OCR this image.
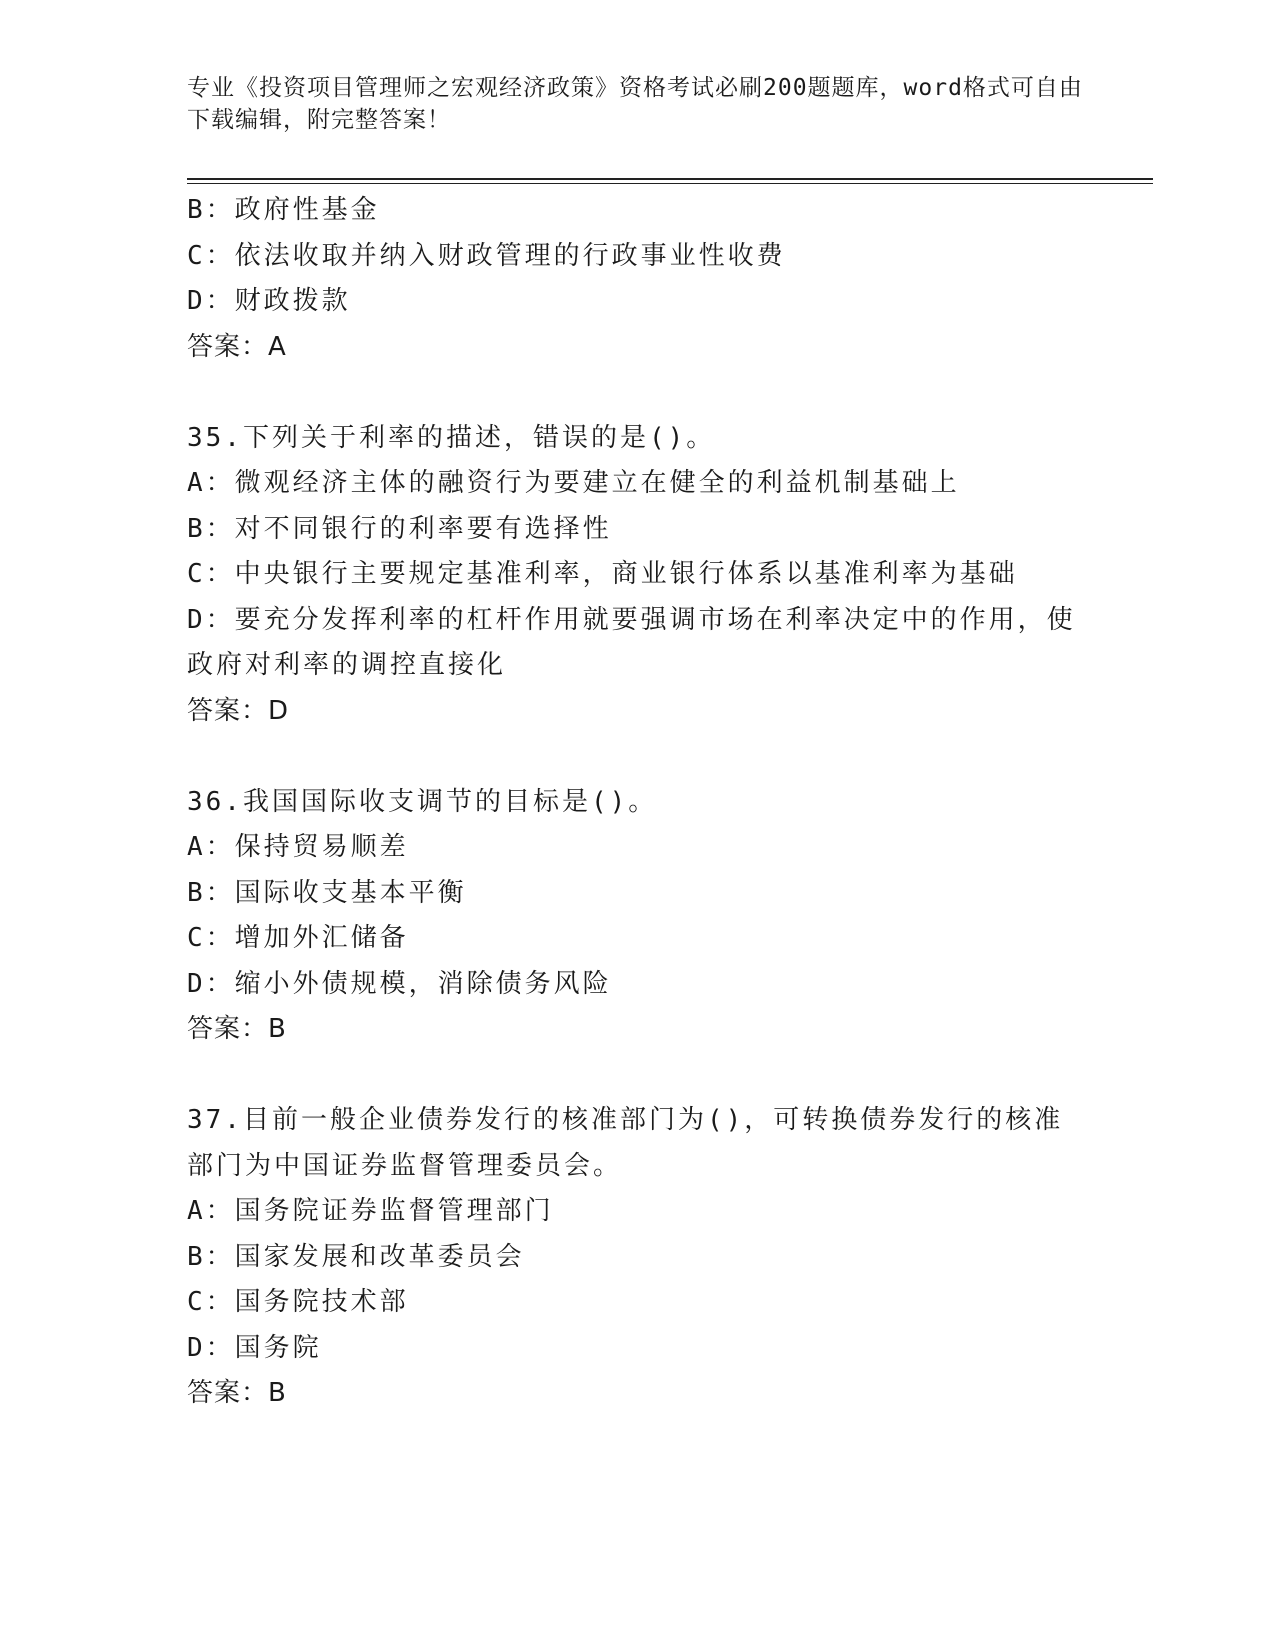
专业《投资项目管理师之宏观经济政策》资格考试必刷200题题库，word格式可自由下载编辑，附完整答案！
B：政府性基金
C：依法收取并纳入财政管理的行政事业性收费
D：财政拨款
答案：A
35.下列关于利率的描述，错误的是()。
A：微观经济主体的融资行为要建立在健全的利益机制基础上
B：对不同银行的利率要有选择性
C：中央银行主要规定基准利率，商业银行体系以基准利率为基础
D：要充分发挥利率的杠杆作用就要强调市场在利率决定中的作用，使政府对利率的调控直接化
答案：D
36.我国国际收支调节的目标是()。
A：保持贸易顺差
B：国际收支基本平衡
C：增加外汇储备
D：缩小外债规模，消除债务风险
答案：B
37.目前一般企业债券发行的核准部门为()，可转换债券发行的核准部门为中国证券监督管理委员会。
A：国务院证券监督管理部门
B：国家发展和改革委员会
C：国务院技术部
D：国务院
答案：B
